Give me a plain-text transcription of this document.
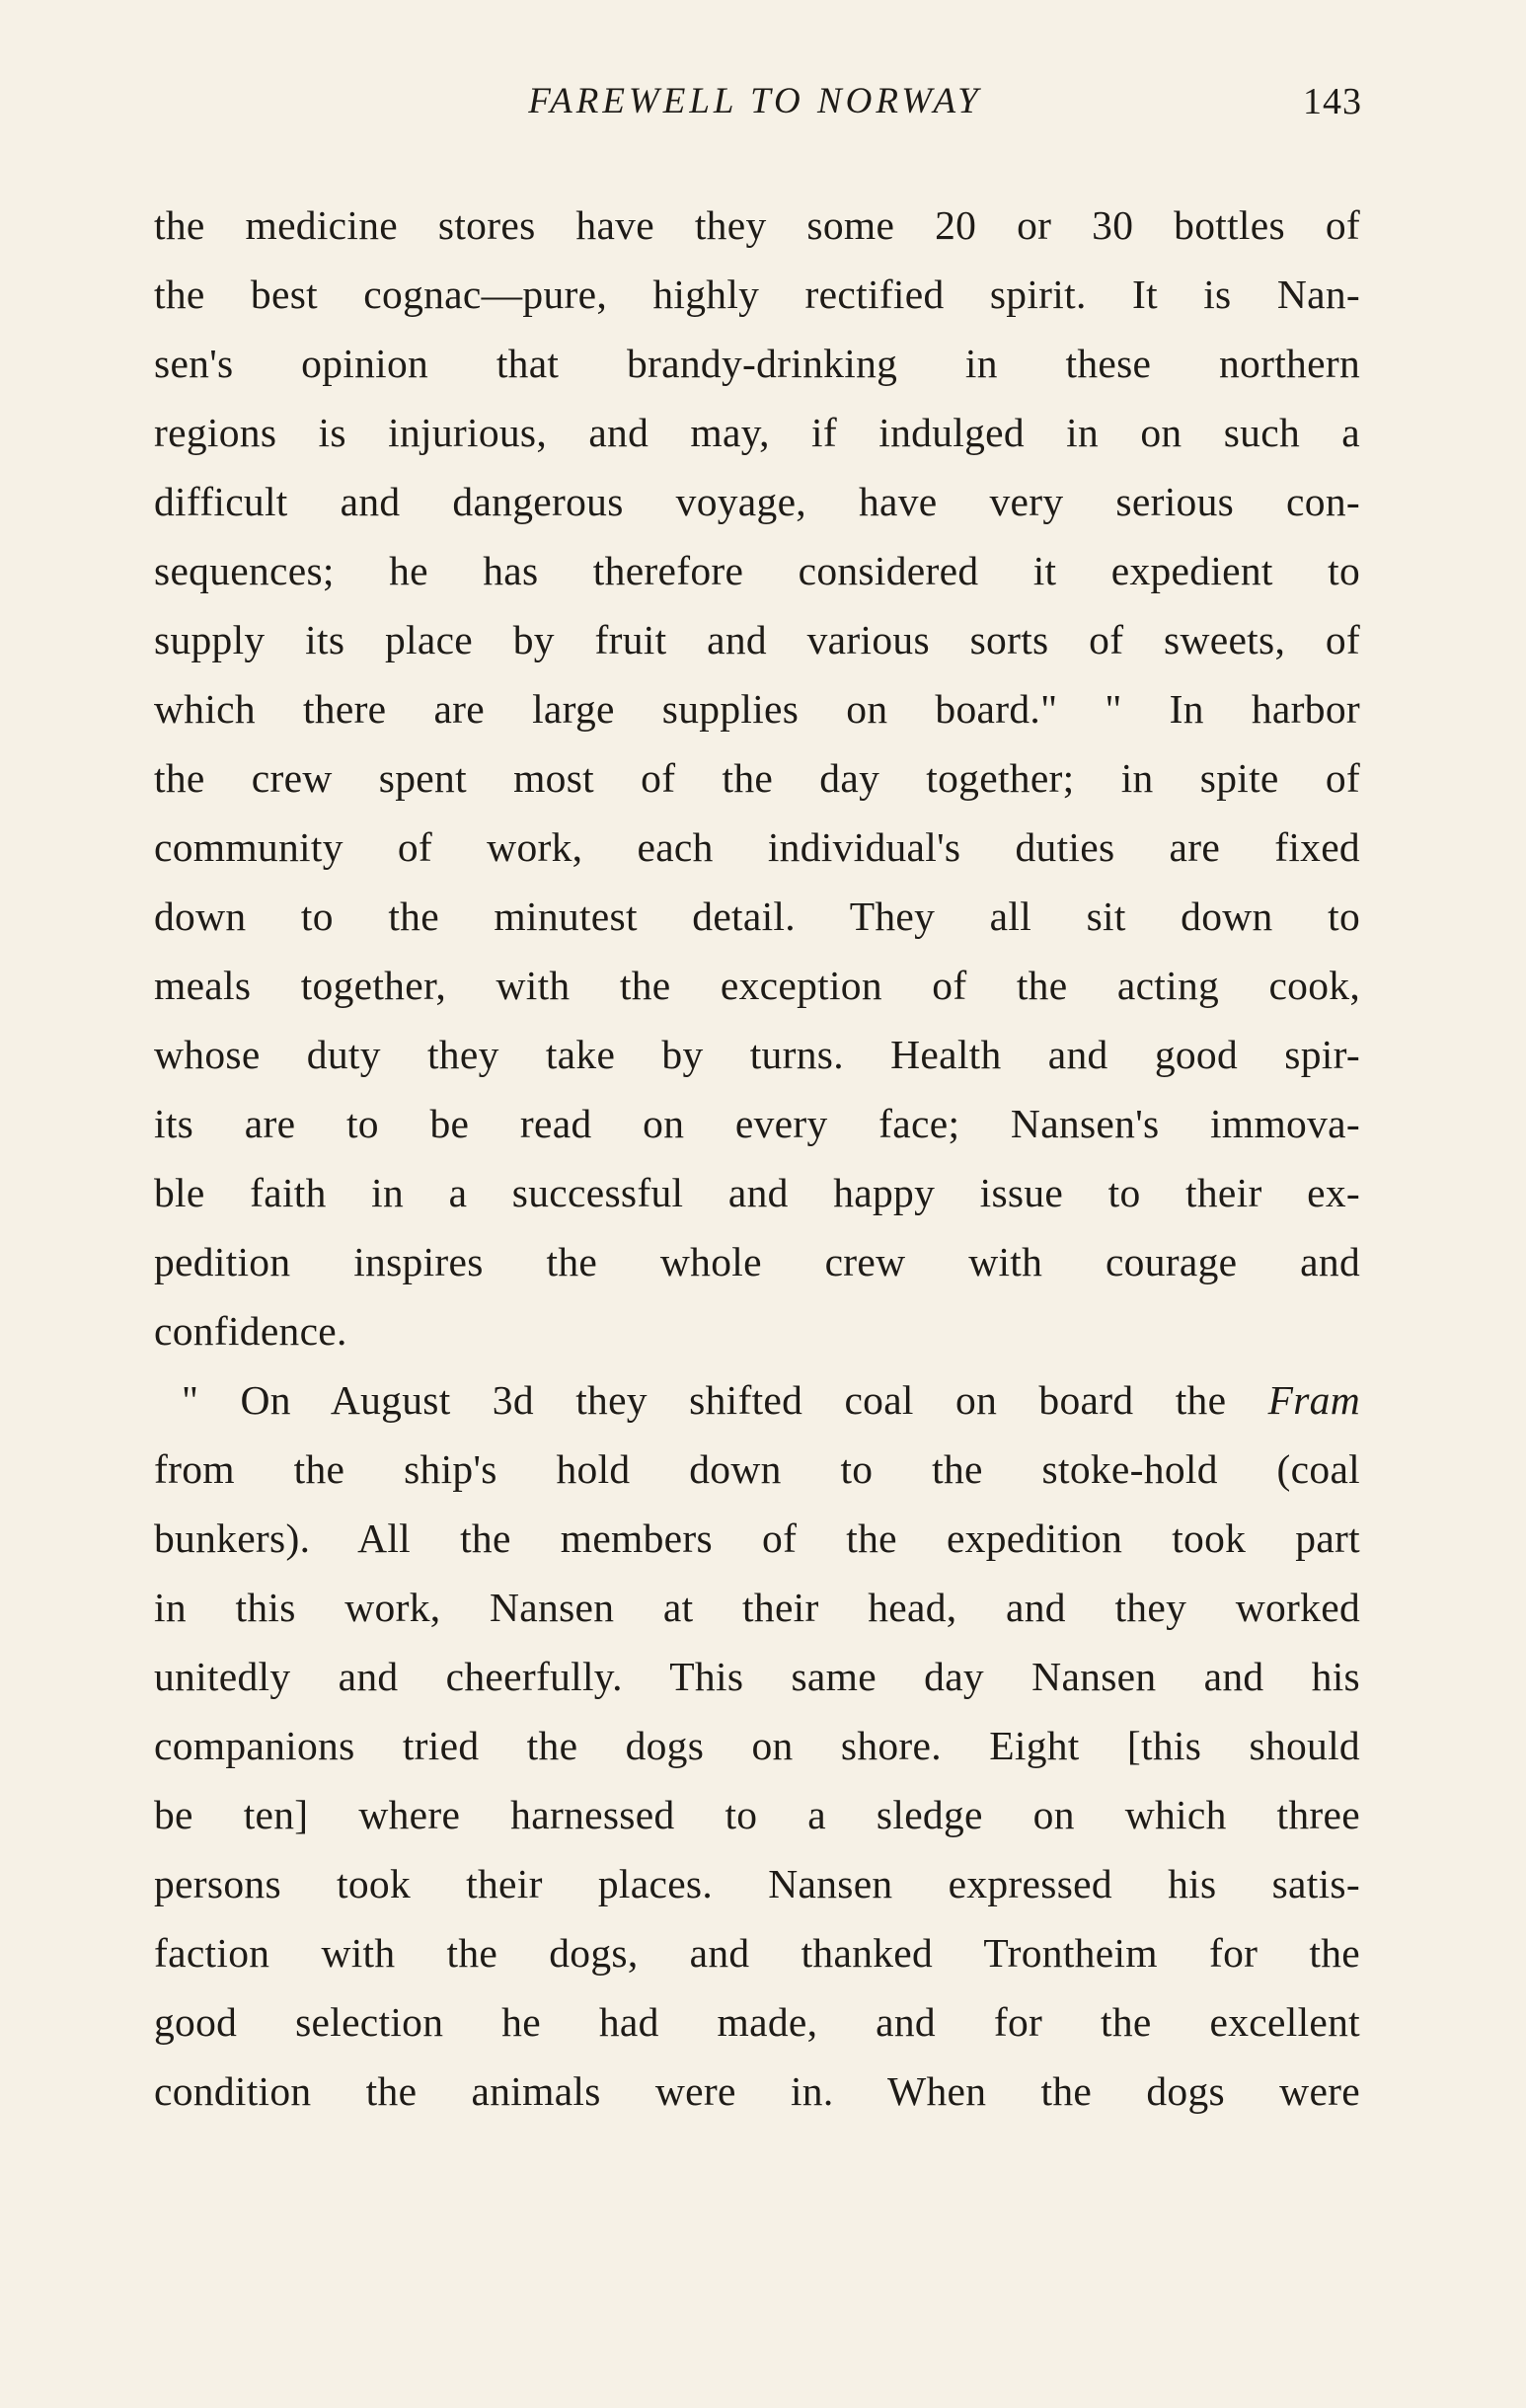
FAREWELL TO NORWAY	143
the medicine stores have they some 20 or 30 bottles of
the best cognac—pure, highly rectified spirit. It is Nan-
sen's opinion that brandy-drinking in these northern
regions is injurious, and may, if indulged in on such a
difficult and dangerous voyage, have very serious con-
sequences; he has therefore considered it expedient to
supply its place by fruit and various sorts of sweets, of
which there are large supplies on board." " In harbor
the crew spent most of the day together; in spite of
community of work, each individual's duties are fixed
down to the minutest detail. They all sit down to
meals together, with the exception of the acting cook,
whose duty they take by turns. Health and good spir-
its are to be read on every face; Nansen's immova-
ble faith in a successful and happy issue to their ex-
pedition inspires the whole crew with courage and
confidence.
" On August 3d they shifted coal on board the Fram
from the ship's hold down to the stoke-hold (coal
bunkers). All the members of the expedition took part
in this work, Nansen at their head, and they worked
unitedly and cheerfully. This same day Nansen and his
companions tried the dogs on shore. Eight [this should
be ten] where harnessed to a sledge on which three
persons took their places. Nansen expressed his satis-
faction with the dogs, and thanked Trontheim for the
good selection he had made, and for the excellent
condition the animals were in. When the dogs were
